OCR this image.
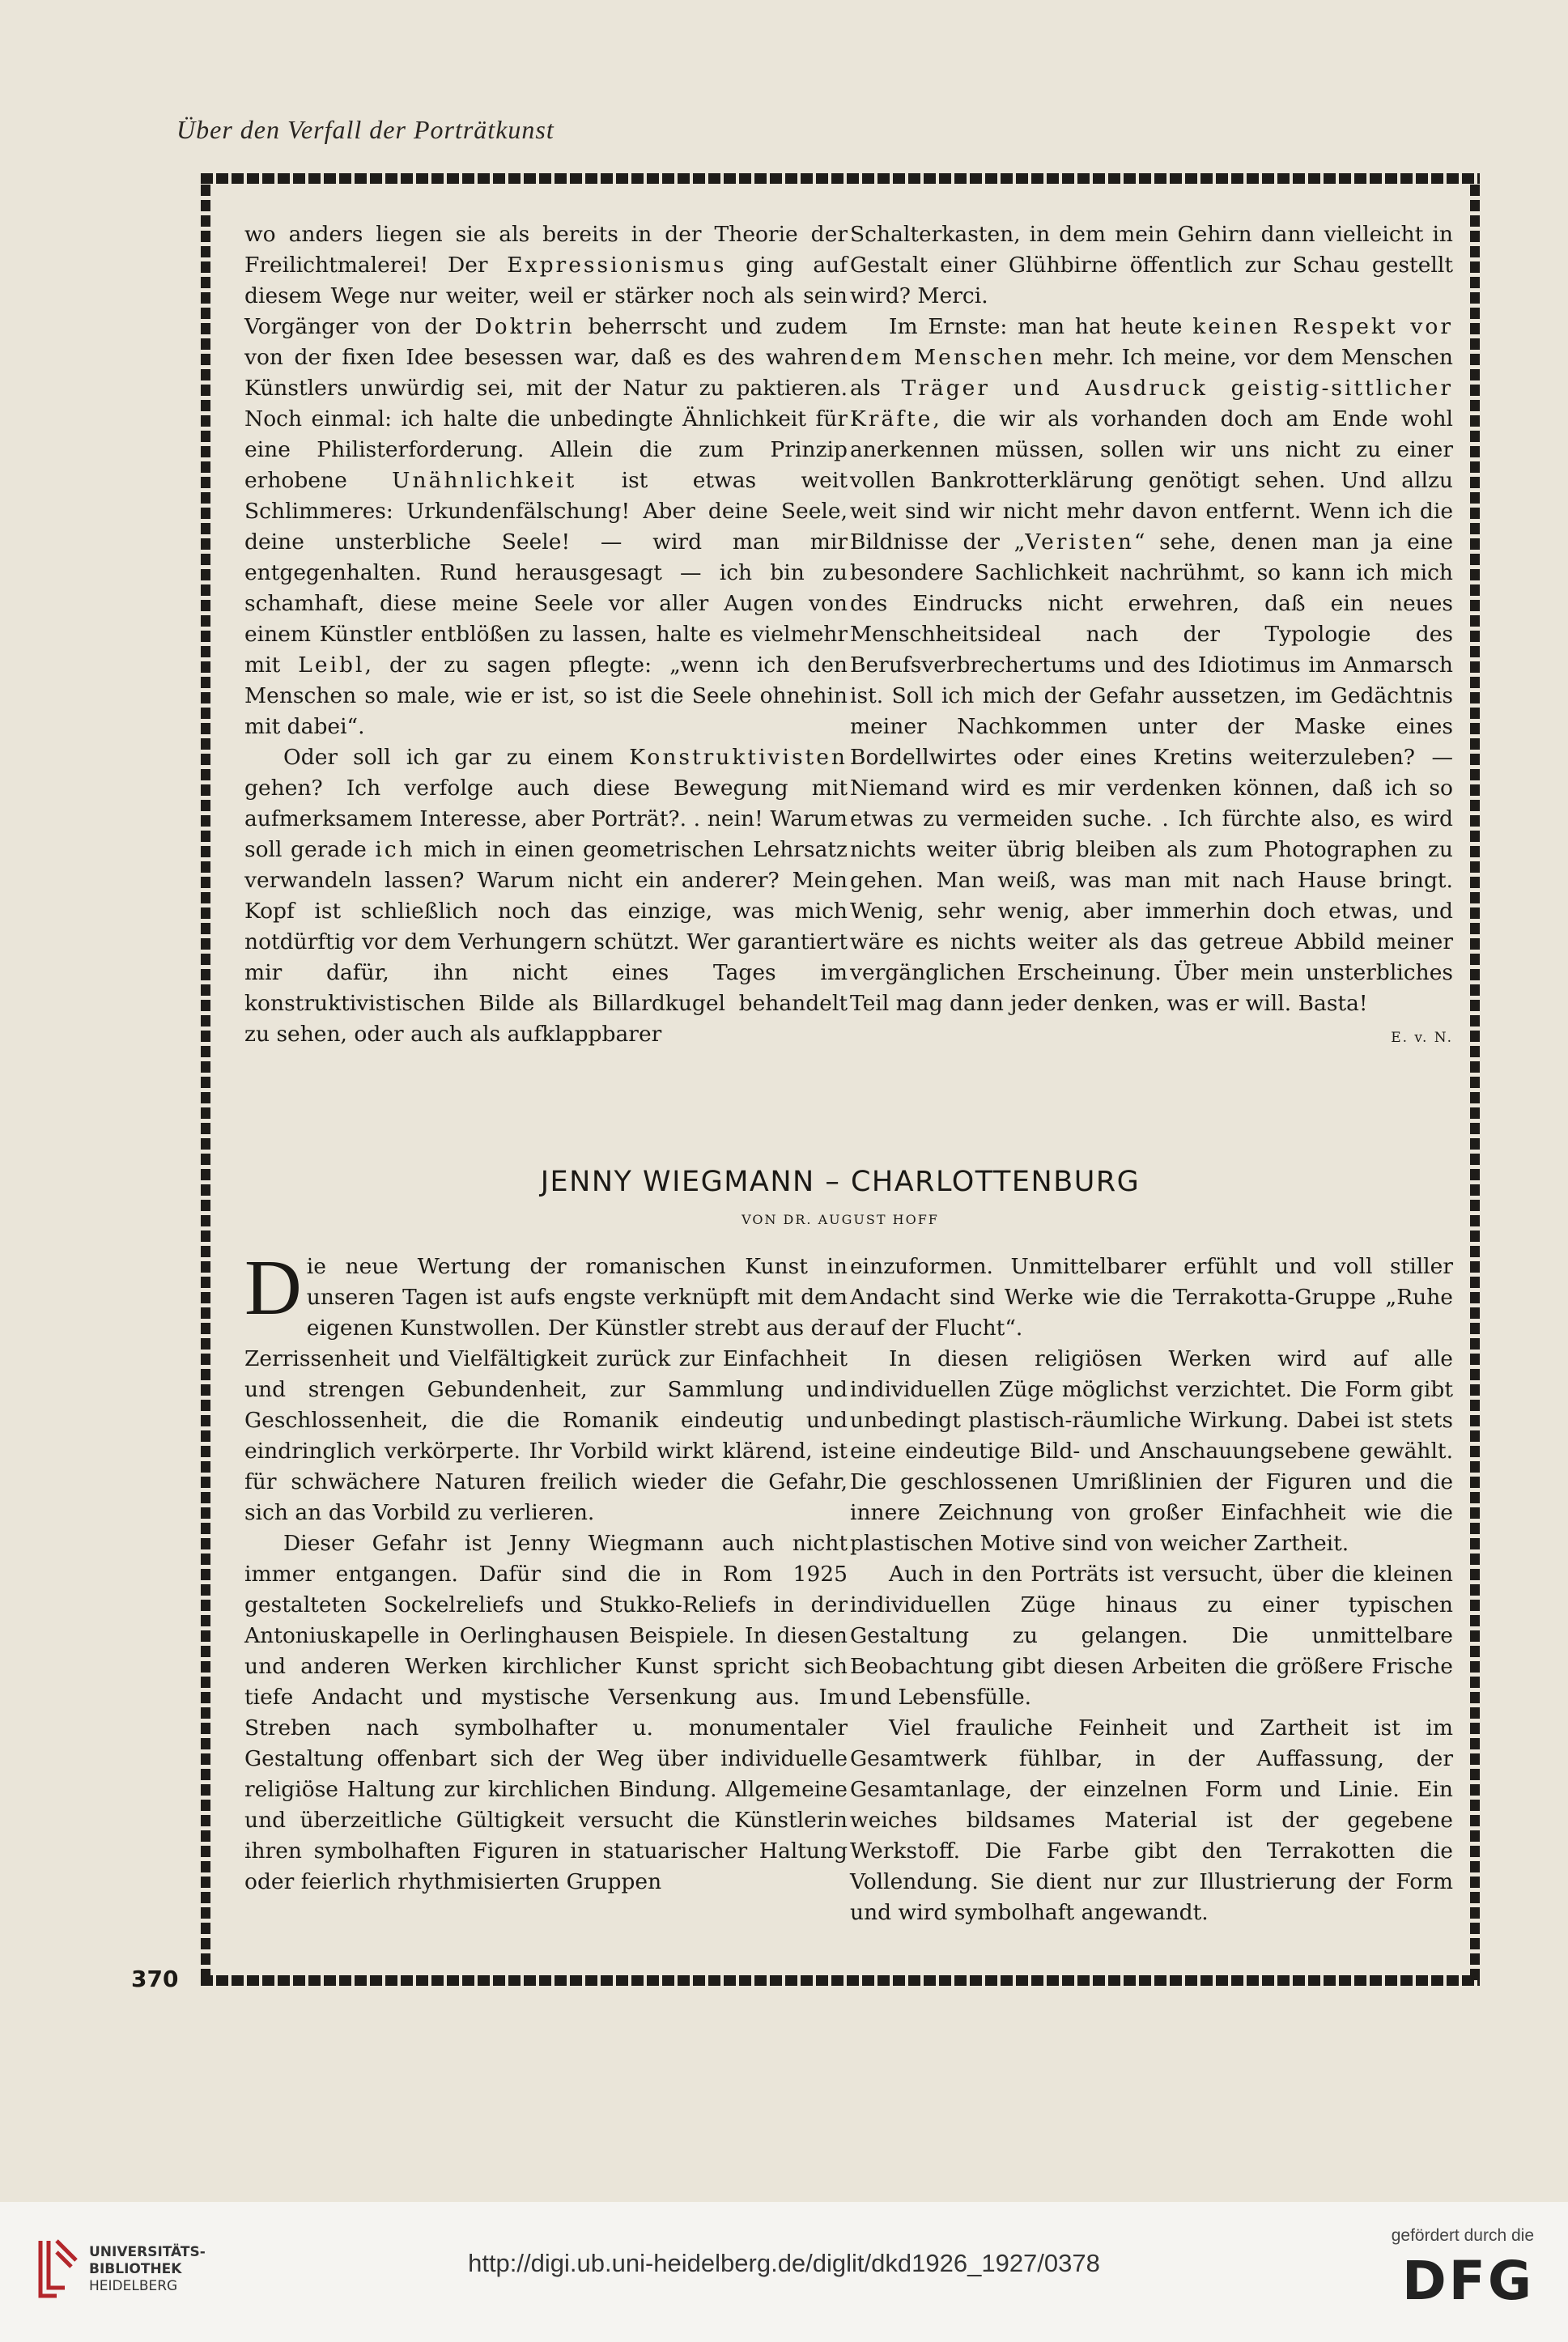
Über den Verfall der Porträtkunst

wo anders liegen sie als bereits in der Theorie der Freilichtmalerei! Der Expressionismus ging auf diesem Wege nur weiter, weil er stärker noch als sein Vorgänger von der Doktrin beherrscht und zudem von der fixen Idee besessen war, daß es des wahren Künstlers unwürdig sei, mit der Natur zu paktieren. Noch einmal: ich halte die unbedingte Ähnlichkeit für eine Philisterforderung. Allein die zum Prinzip erhobene Unähnlichkeit ist etwas weit Schlimmeres: Urkundenfälschung! Aber deine Seele, deine unsterbliche Seele! — wird man mir entgegenhalten. Rund herausgesagt — ich bin zu schamhaft, diese meine Seele vor aller Augen von einem Künstler entblößen zu lassen, halte es vielmehr mit Leibl, der zu sagen pflegte: „wenn ich den Menschen so male, wie er ist, so ist die Seele ohnehin mit dabei“.

Oder soll ich gar zu einem Konstruktivisten gehen? Ich verfolge auch diese Bewegung mit aufmerksamem Interesse, aber Porträt?. . nein! Warum soll gerade ich mich in einen geometrischen Lehrsatz verwandeln lassen? Warum nicht ein anderer? Mein Kopf ist schließlich noch das einzige, was mich notdürftig vor dem Verhungern schützt. Wer garantiert mir dafür, ihn nicht eines Tages im konstruktivistischen Bilde als Billardkugel behandelt zu sehen, oder auch als aufklappbarer

Schalterkasten, in dem mein Gehirn dann vielleicht in Gestalt einer Glühbirne öffentlich zur Schau gestellt wird? Merci.

Im Ernste: man hat heute keinen Respekt vor dem Menschen mehr. Ich meine, vor dem Menschen als Träger und Ausdruck geistig-sittlicher Kräfte, die wir als vorhanden doch am Ende wohl anerkennen müssen, sollen wir uns nicht zu einer vollen Bankrotterklärung genötigt sehen. Und allzu weit sind wir nicht mehr davon entfernt. Wenn ich die Bildnisse der „Veristen“ sehe, denen man ja eine besondere Sachlichkeit nachrühmt, so kann ich mich des Eindrucks nicht erwehren, daß ein neues Menschheitsideal nach der Typologie des Berufsverbrechertums und des Idiotimus im Anmarsch ist. Soll ich mich der Gefahr aussetzen, im Gedächtnis meiner Nachkommen unter der Maske eines Bordellwirtes oder eines Kretins weiterzuleben? — Niemand wird es mir verdenken können, daß ich so etwas zu vermeiden suche. . Ich fürchte also, es wird nichts weiter übrig bleiben als zum Photographen zu gehen. Man weiß, was man mit nach Hause bringt. Wenig, sehr wenig, aber immerhin doch etwas, und wäre es nichts weiter als das getreue Abbild meiner vergänglichen Erscheinung. Über mein unsterbliches Teil mag dann jeder denken, was er will. Basta!
E. v. N.

JENNY WIEGMANN – CHARLOTTENBURG
VON DR. AUGUST HOFF

Die neue Wertung der romanischen Kunst in unseren Tagen ist aufs engste verknüpft mit dem eigenen Kunstwollen. Der Künstler strebt aus der Zerrissenheit und Vielfältigkeit zurück zur Einfachheit und strengen Gebundenheit, zur Sammlung und Geschlossenheit, die die Romanik eindeutig und eindringlich verkörperte. Ihr Vorbild wirkt klärend, ist für schwächere Naturen freilich wieder die Gefahr, sich an das Vorbild zu verlieren.

Dieser Gefahr ist Jenny Wiegmann auch nicht immer entgangen. Dafür sind die in Rom 1925 gestalteten Sockelreliefs und Stukko-Reliefs in der Antoniuskapelle in Oerlinghausen Beispiele. In diesen und anderen Werken kirchlicher Kunst spricht sich tiefe Andacht und mystische Versenkung aus. Im Streben nach symbolhafter u. monumentaler Gestaltung offenbart sich der Weg über individuelle religiöse Haltung zur kirchlichen Bindung. Allgemeine und überzeitliche Gültigkeit versucht die Künstlerin ihren symbolhaften Figuren in statuarischer Haltung oder feierlich rhythmisierten Gruppen

einzuformen. Unmittelbarer erfühlt und voll stiller Andacht sind Werke wie die Terrakotta-Gruppe „Ruhe auf der Flucht“.

In diesen religiösen Werken wird auf alle individuellen Züge möglichst verzichtet. Die Form gibt unbedingt plastisch-räumliche Wirkung. Dabei ist stets eine eindeutige Bild- und Anschauungsebene gewählt. Die geschlossenen Umrißlinien der Figuren und die innere Zeichnung von großer Einfachheit wie die plastischen Motive sind von weicher Zartheit.

Auch in den Porträts ist versucht, über die kleinen individuellen Züge hinaus zu einer typischen Gestaltung zu gelangen. Die unmittelbare Beobachtung gibt diesen Arbeiten die größere Frische und Lebensfülle.

Viel frauliche Feinheit und Zartheit ist im Gesamtwerk fühlbar, in der Auffassung, der Gesamtanlage, der einzelnen Form und Linie. Ein weiches bildsames Material ist der gegebene Werkstoff. Die Farbe gibt den Terrakotten die Vollendung. Sie dient nur zur Illustrierung der Form und wird symbolhaft angewandt.

370
UNIVERSITÄTS-
BIBLIOTHEK
HEIDELBERG
http://digi.ub.uni-heidelberg.de/diglit/dkd1926_1927/0378
gefördert durch die
DFG
